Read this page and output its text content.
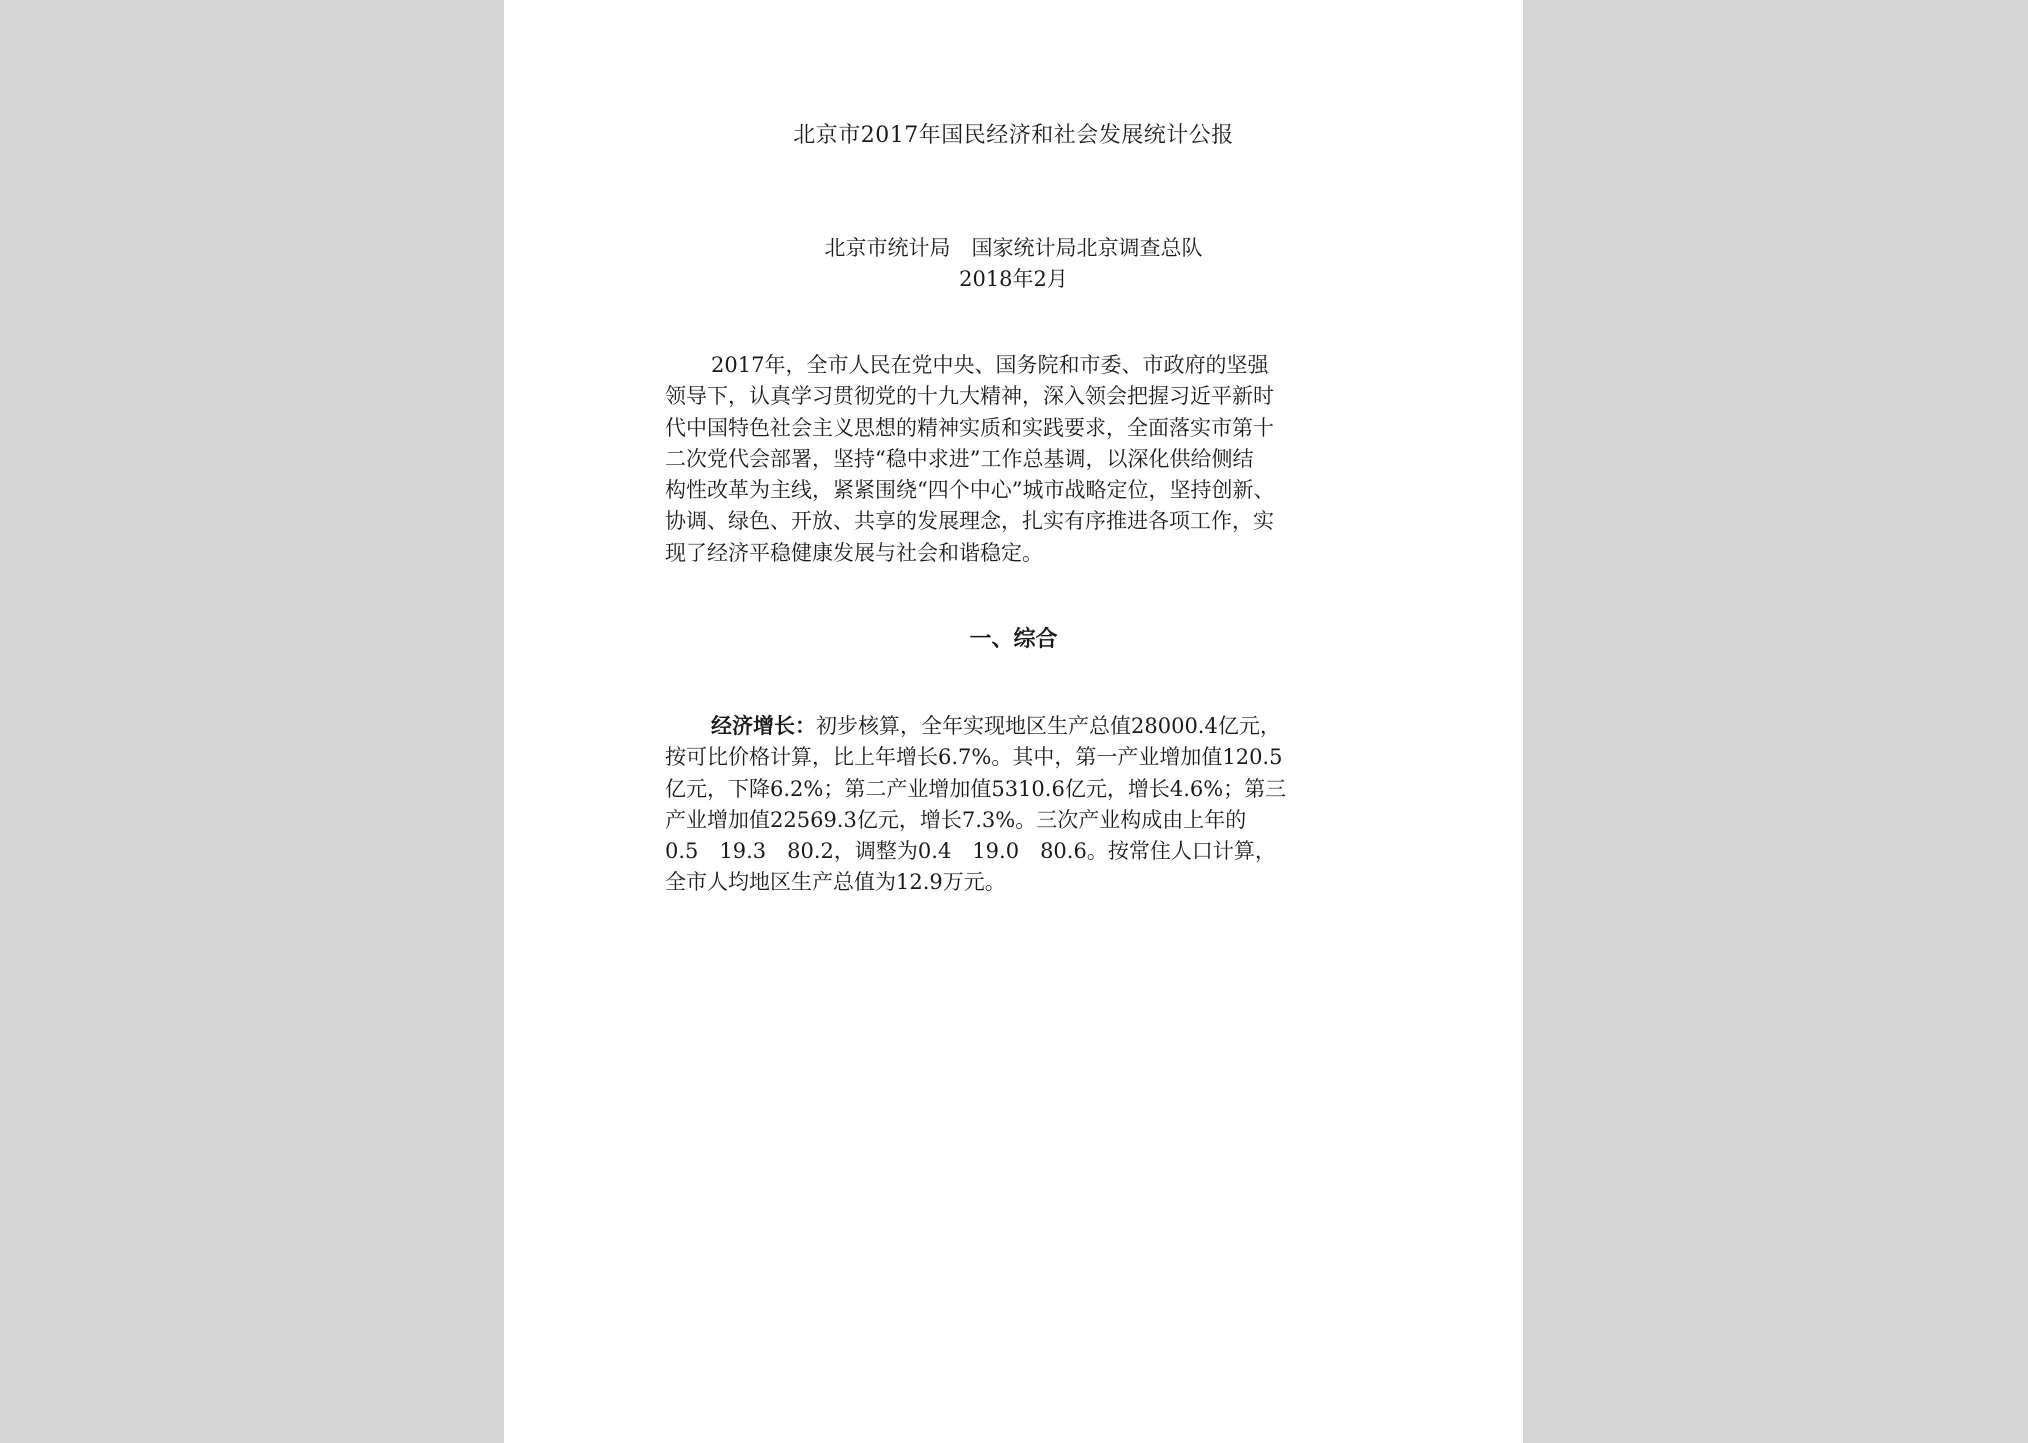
北京市2017年国民经济和社会发展统计公报
北京市统计局　国家统计局北京调查总队
2018年2月
2017年，全市人民在党中央、国务院和市委、市政府的坚强
领导下，认真学习贯彻党的十九大精神，深入领会把握习近平新时
代中国特色社会主义思想的精神实质和实践要求，全面落实市第十
二次党代会部署，坚持“稳中求进”工作总基调，以深化供给侧结
构性改革为主线，紧紧围绕“四个中心”城市战略定位，坚持创新、
协调、绿色、开放、共享的发展理念，扎实有序推进各项工作，实
现了经济平稳健康发展与社会和谐稳定。
一、综合
经济增长：初步核算，全年实现地区生产总值28000.4亿元，
按可比价格计算，比上年增长6.7%。其中，第一产业增加值120.5
亿元，下降6.2%；第二产业增加值5310.6亿元，增长4.6%；第三
产业增加值22569.3亿元，增长7.3%。三次产业构成由上年的
0.5　19.3　80.2，调整为0.4　19.0　80.6。按常住人口计算，
全市人均地区生产总值为12.9万元。
